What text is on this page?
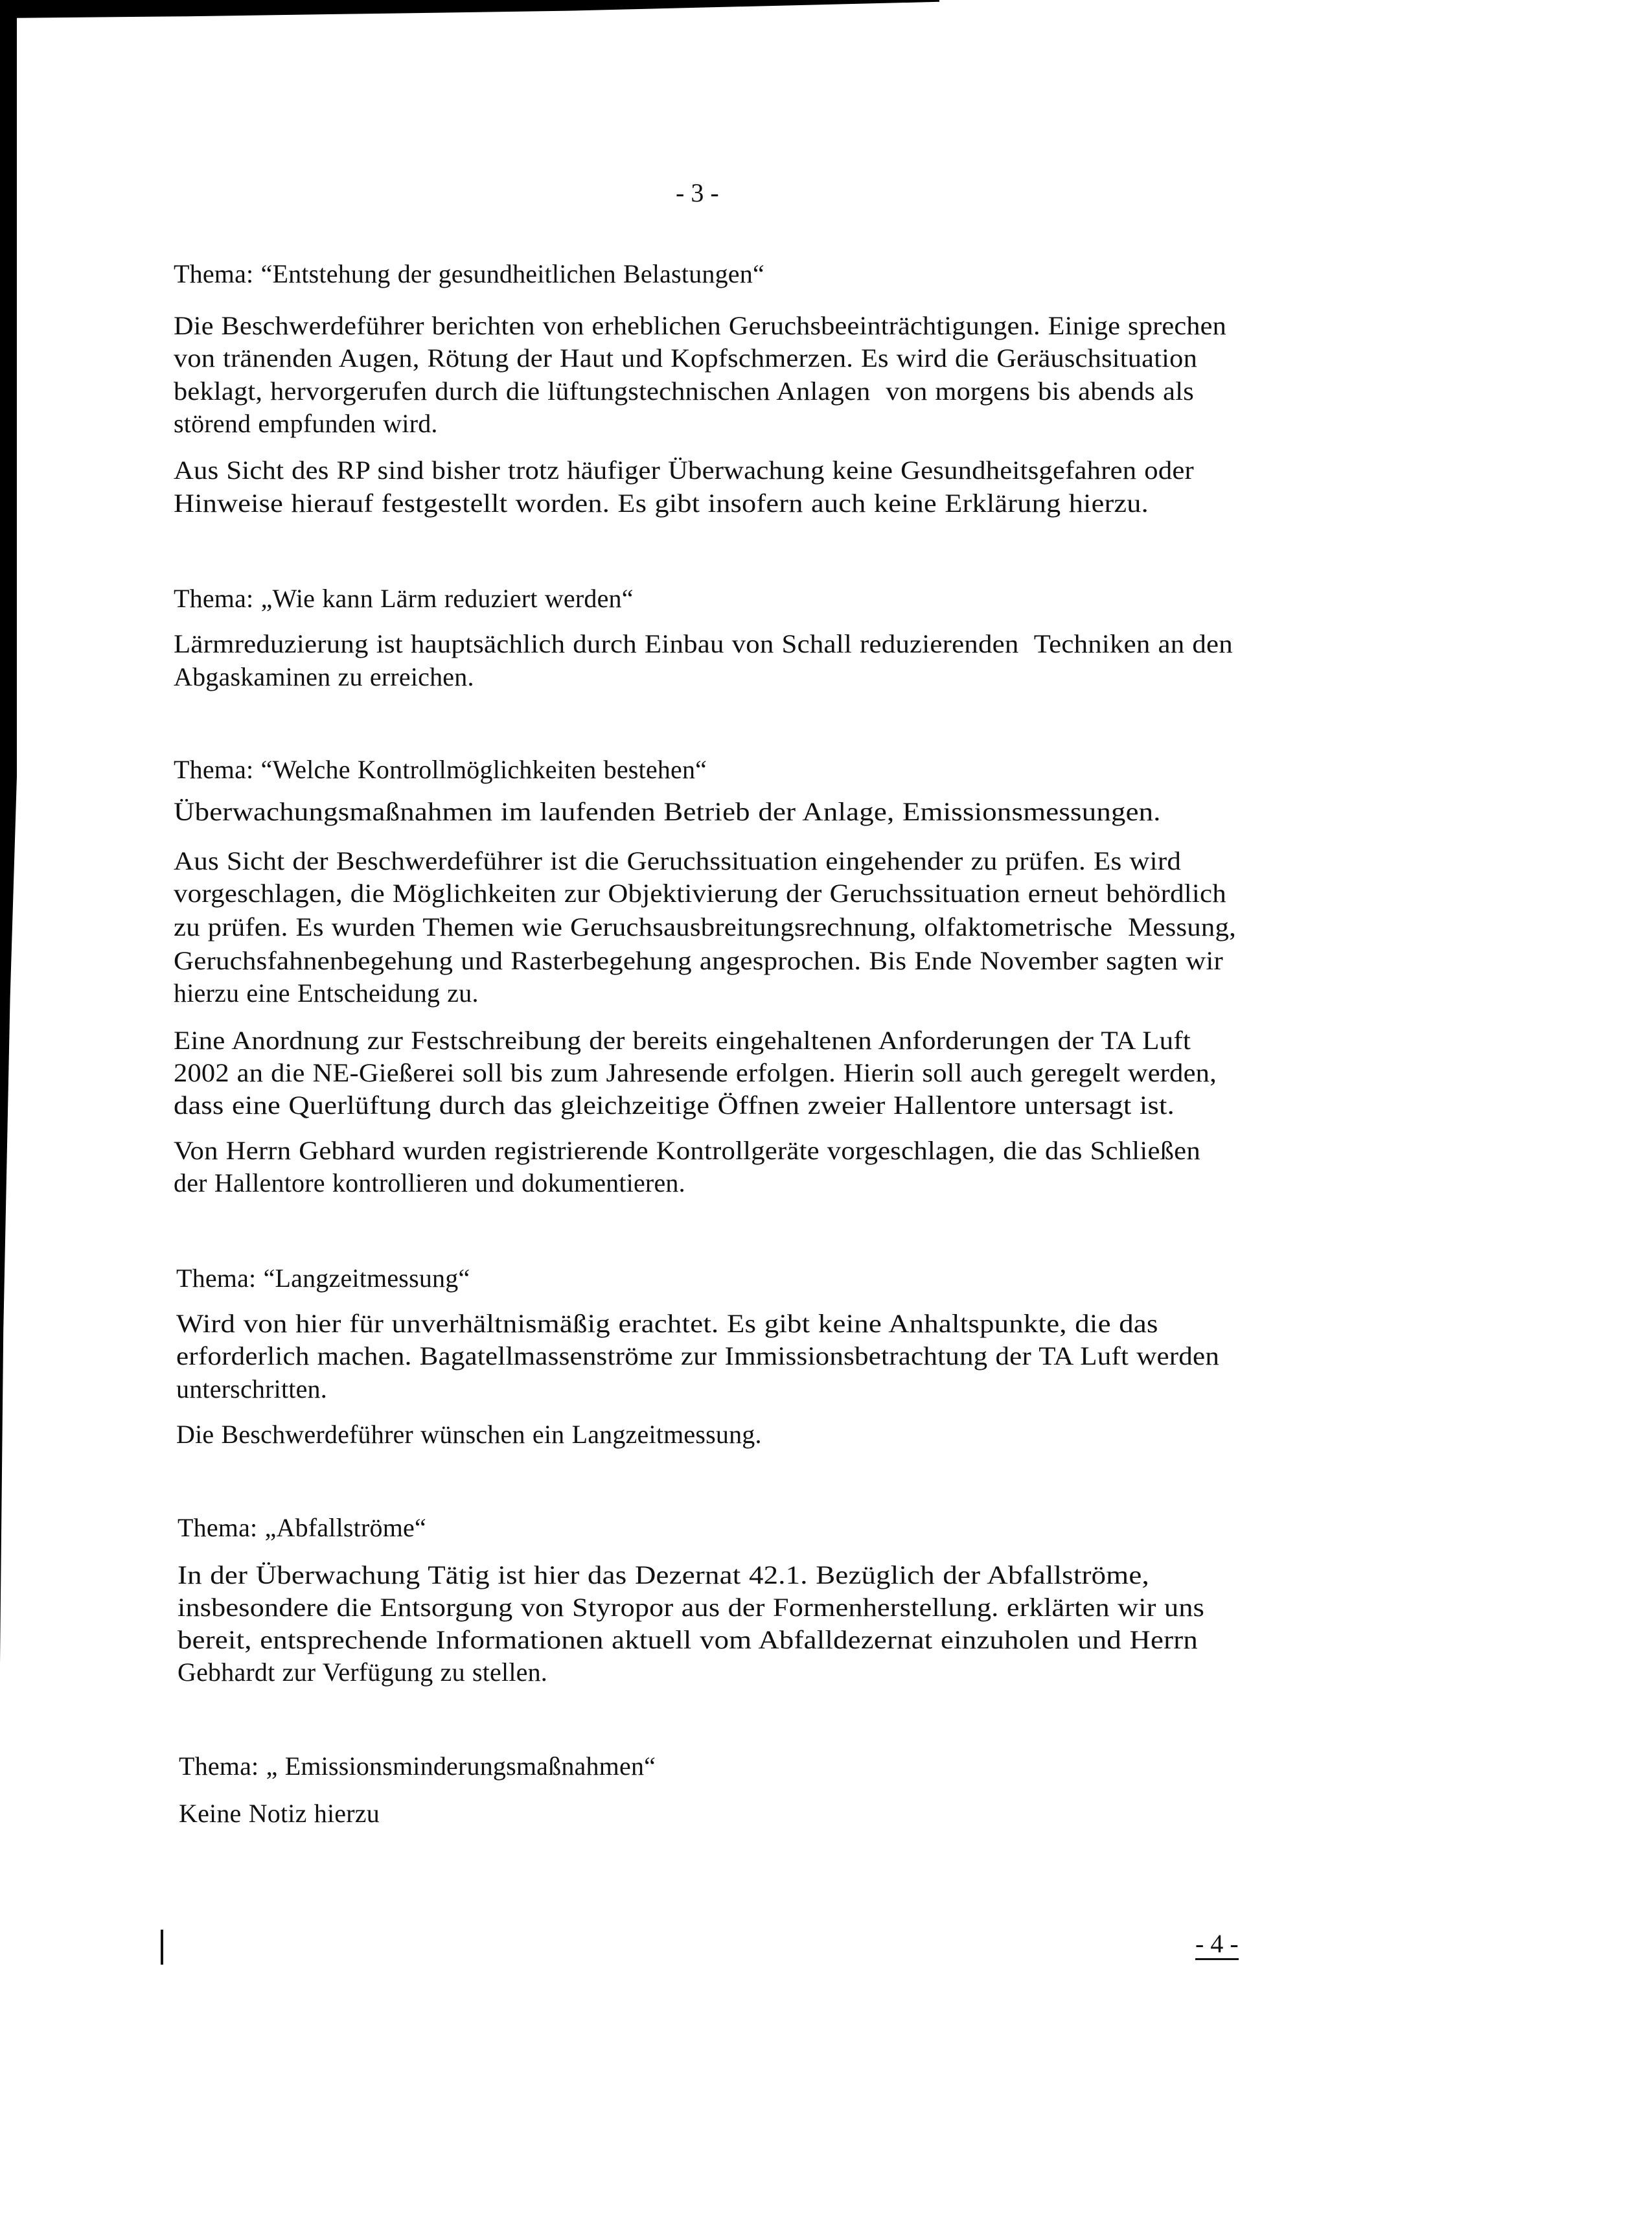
- 3 -
Thema: “Entstehung der gesundheitlichen Belastungen“
Die Beschwerdeführer berichten von erheblichen Geruchsbeeinträchtigungen. Einige sprechen
von tränenden Augen, Rötung der Haut und Kopfschmerzen. Es wird die Geräuschsituation
beklagt, hervorgerufen durch die lüftungstechnischen Anlagen  von morgens bis abends als
störend empfunden wird.
Aus Sicht des RP sind bisher trotz häufiger Überwachung keine Gesundheitsgefahren oder
Hinweise hierauf festgestellt worden. Es gibt insofern auch keine Erklärung hierzu.
Thema: „Wie kann Lärm reduziert werden“
Lärmreduzierung ist hauptsächlich durch Einbau von Schall reduzierenden  Techniken an den
Abgaskaminen zu erreichen.
Thema: “Welche Kontrollmöglichkeiten bestehen“
Überwachungsmaßnahmen im laufenden Betrieb der Anlage, Emissionsmessungen.
Aus Sicht der Beschwerdeführer ist die Geruchssituation eingehender zu prüfen. Es wird
vorgeschlagen, die Möglichkeiten zur Objektivierung der Geruchssituation erneut behördlich
zu prüfen. Es wurden Themen wie Geruchsausbreitungsrechnung, olfaktometrische  Messung,
Geruchsfahnenbegehung und Rasterbegehung angesprochen. Bis Ende November sagten wir
hierzu eine Entscheidung zu.
Eine Anordnung zur Festschreibung der bereits eingehaltenen Anforderungen der TA Luft
2002 an die NE-Gießerei soll bis zum Jahresende erfolgen. Hierin soll auch geregelt werden,
dass eine Querlüftung durch das gleichzeitige Öffnen zweier Hallentore untersagt ist.
Von Herrn Gebhard wurden registrierende Kontrollgeräte vorgeschlagen, die das Schließen
der Hallentore kontrollieren und dokumentieren.
Thema: “Langzeitmessung“
Wird von hier für unverhältnismäßig erachtet. Es gibt keine Anhaltspunkte, die das
erforderlich machen. Bagatellmassenströme zur Immissionsbetrachtung der TA Luft werden
unterschritten.
Die Beschwerdeführer wünschen ein Langzeitmessung.
Thema: „Abfallströme“
In der Überwachung Tätig ist hier das Dezernat 42.1. Bezüglich der Abfallströme,
insbesondere die Entsorgung von Styropor aus der Formenherstellung. erklärten wir uns
bereit, entsprechende Informationen aktuell vom Abfalldezernat einzuholen und Herrn
Gebhardt zur Verfügung zu stellen.
Thema: „ Emissionsminderungsmaßnahmen“
Keine Notiz hierzu
- 4 -
